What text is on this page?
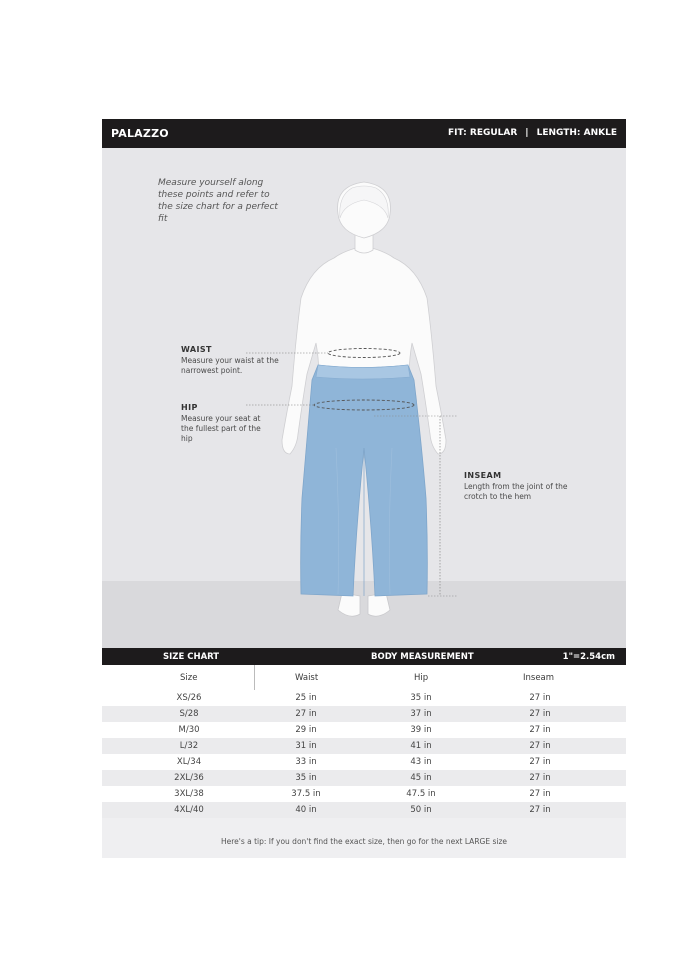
PALAZZO	FIT: REGULAR | LENGTH: ANKLE
Measure yourself along these points and refer to the size chart for a perfect fit
WAIST
Measure your waist at the narrowest point.
HIP
Measure your seat at the fullest part of the hip
INSEAM
Length from the joint of the crotch to the hem
SIZE CHART	BODY MEASUREMENT	1"=2.54cm
Size	Waist	Hip	Inseam
XS/26	25 in	35 in	27 in
S/28	27 in	37 in	27 in
M/30	29 in	39 in	27 in
L/32	31 in	41 in	27 in
XL/34	33 in	43 in	27 in
2XL/36	35 in	45 in	27 in
3XL/38	37.5 in	47.5 in	27 in
4XL/40	40 in	50 in	27 in
Here's a tip: If you don't find the exact size, then go for the next LARGE size
